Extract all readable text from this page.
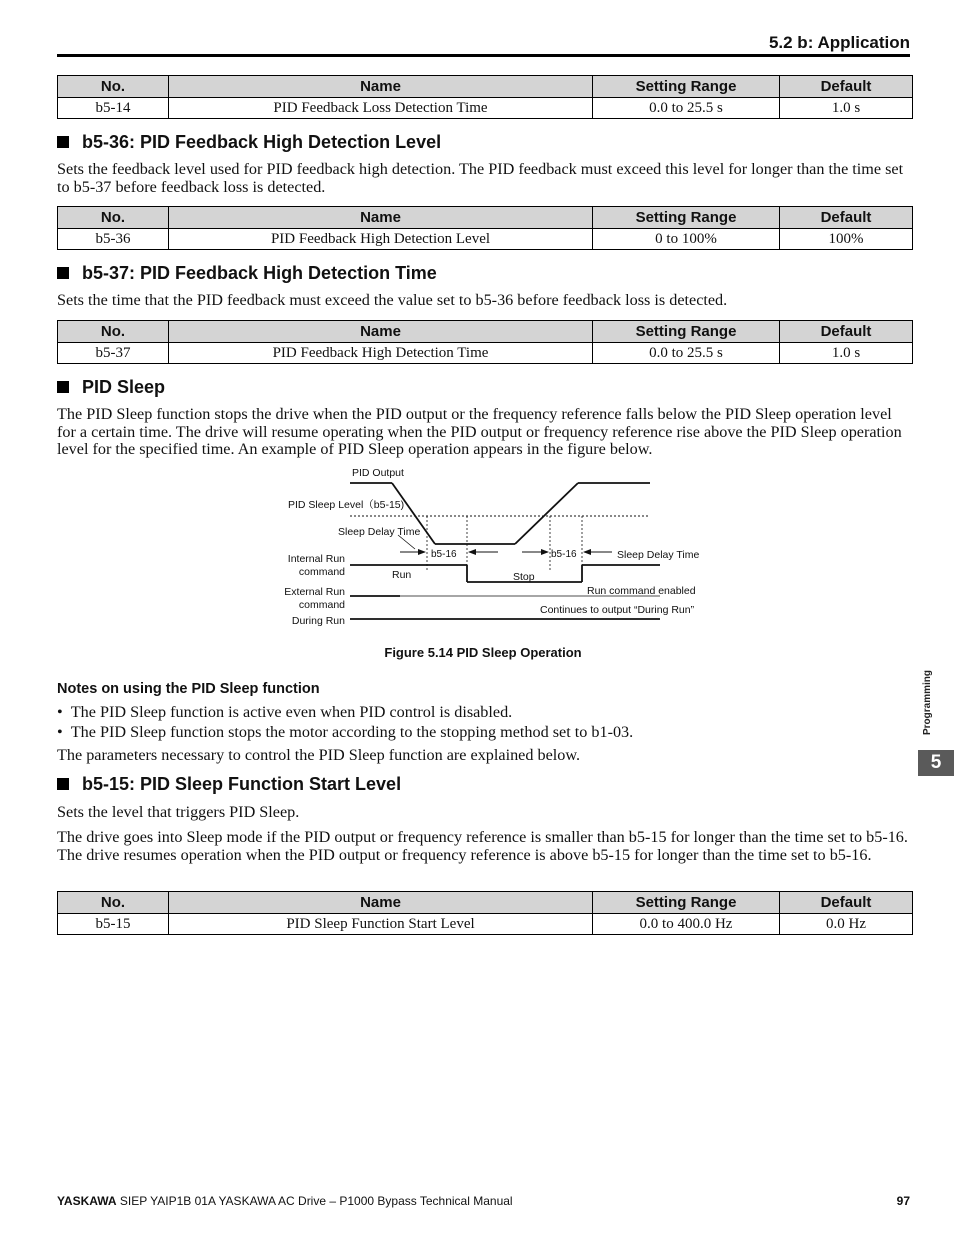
5.2 b: Application
No.	Name	Setting Range	Default
b5-14	PID Feedback Loss Detection Time	0.0 to 25.5 s	1.0 s
b5-36: PID Feedback High Detection Level

Sets the feedback level used for PID feedback high detection. The PID feedback must exceed this level for longer than the time set to b5-37 before feedback loss is detected.

No.	Name	Setting Range	Default
b5-36	PID Feedback High Detection Level	0 to 100%	100%
b5-37: PID Feedback High Detection Time

Sets the time that the PID feedback must exceed the value set to b5-36 before feedback loss is detected.

No.	Name	Setting Range	Default
b5-37	PID Feedback High Detection Time	0.0 to 25.5 s	1.0 s
PID Sleep

The PID Sleep function stops the drive when the PID output or the frequency reference falls below the PID Sleep operation level for a certain time. The drive will resume operating when the PID output or frequency reference rise above the PID Sleep operation level for the specified time. An example of PID Sleep operation appears in the figure below.

PID Output
PID Sleep Level（b5-15)
Sleep Delay Time
b5-16	b5-16	Sleep Delay Time
Internal Run
command	Run	Stop
External Run
command
Run command enabled
During Run
Continues to output “During Run”
Figure 5.14 PID Sleep Operation
Notes on using the PID Sleep function

•  The PID Sleep function is active even when PID control is disabled.

•  The PID Sleep function stops the motor according to the stopping method set to b1-03.

The parameters necessary to control the PID Sleep function are explained below.

b5-15: PID Sleep Function Start Level

Sets the level that triggers PID Sleep.

The drive goes into Sleep mode if the PID output or frequency reference is smaller than b5-15 for longer than the time set to b5-16. The drive resumes operation when the PID output or frequency reference is above b5-15 for longer than the time set to b5-16.

No.	Name	Setting Range	Default
b5-15	PID Sleep Function Start Level	0.0 to 400.0 Hz	0.0 Hz
Programming
5
YASKAWA SIEP YAIP1B 01A YASKAWA AC Drive – P1000 Bypass Technical Manual	97
